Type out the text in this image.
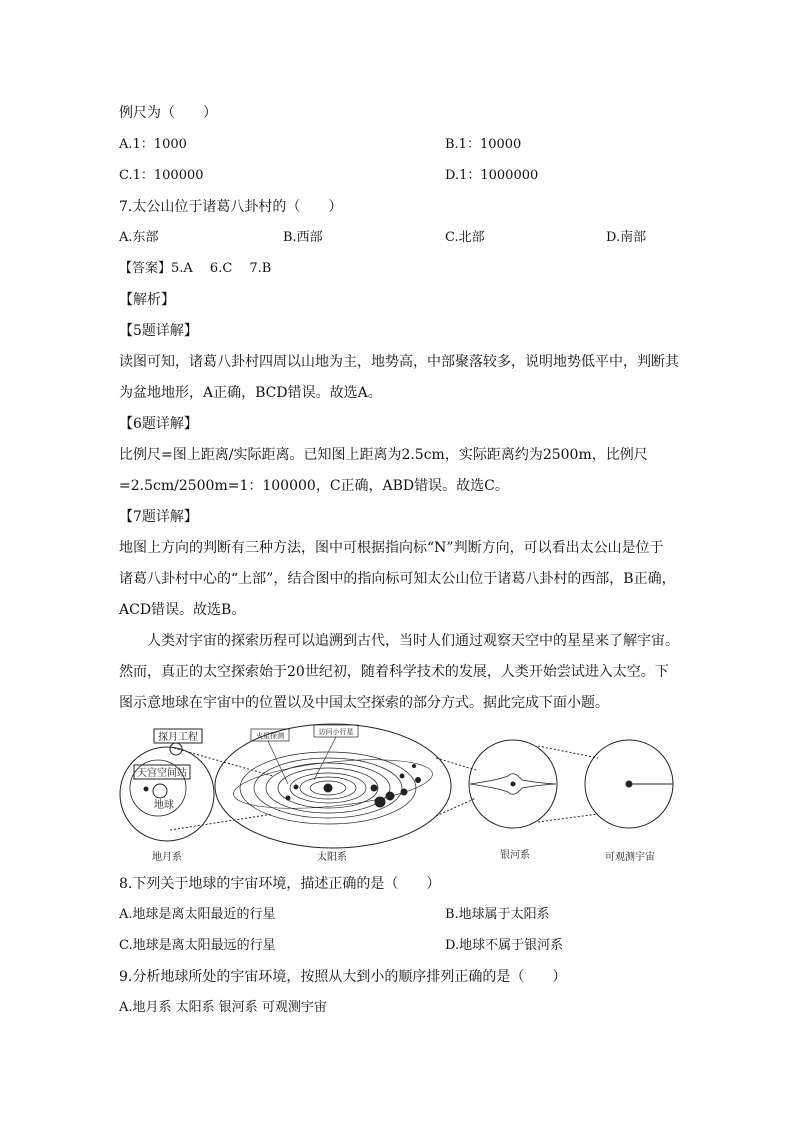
例尺为（　　）
A.1：1000	B.1：10000
C.1：100000	D.1：1000000
7.太公山位于诸葛八卦村的（　　）
A.东部	B.西部	C.北部	D.南部
【答案】5.A　 6.C　 7.B
【解析】
【5题详解】
读图可知，诸葛八卦村四周以山地为主，地势高，中部聚落较多，说明地势低平中，判断其
为盆地地形，A正确，BCD错误。故选A。
【6题详解】
比例尺=图上距离/实际距离。已知图上距离为2.5cm，实际距离约为2500m，比例尺
=2.5cm/2500m=1：100000，C正确，ABD错误。故选C。
【7题详解】
地图上方向的判断有三种方法，图中可根据指向标“N”判断方向，可以看出太公山是位于
诸葛八卦村中心的“上部”，结合图中的指向标可知太公山位于诸葛八卦村的西部，B正确，
ACD错误。故选B。
　　人类对宇宙的探索历程可以追溯到古代，当时人们通过观察天空中的星星来了解宇宙。
然而，真正的太空探索始于20世纪初，随着科学技术的发展，人类开始尝试进入太空。下
图示意地球在宇宙中的位置以及中国太空探索的部分方式。据此完成下面小题。
探月工程
天宫空间站
地球
火星探测	访问小行星
地月系	太阳系	银河系	可观测宇宙
8.下列关于地球的宇宙环境，描述正确的是（　　）
A.地球是离太阳最近的行星	B.地球属于太阳系
C.地球是离太阳最远的行星	D.地球不属于银河系
9.分析地球所处的宇宙环境，按照从大到小的顺序排列正确的是（　　）
A.地月系 太阳系 银河系 可观测宇宙
